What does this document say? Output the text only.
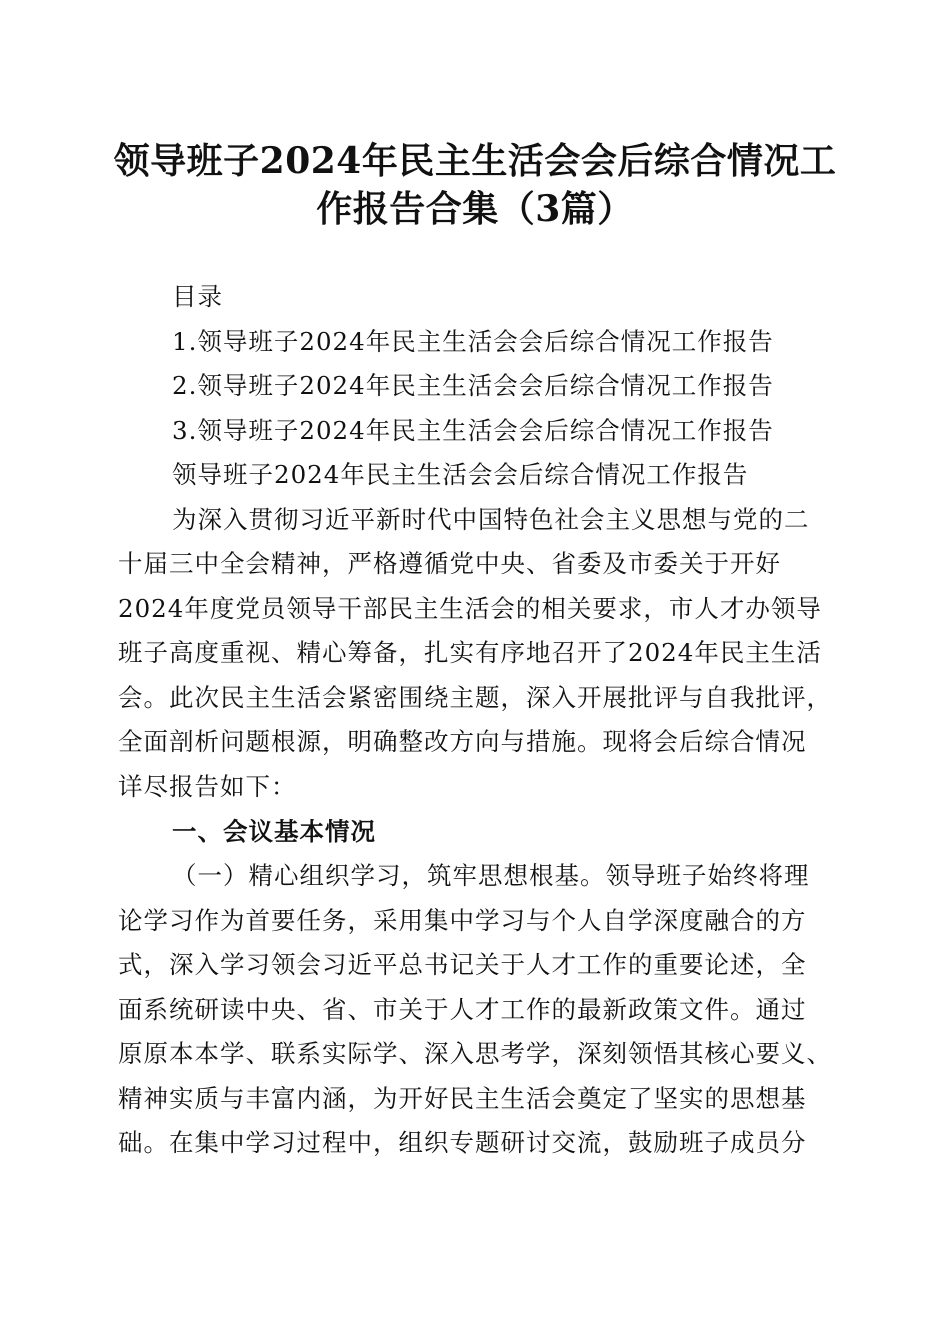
领导班子2024年民主生活会会后综合情况工
作报告合集（3篇）
目录
1.领导班子2024年民主生活会会后综合情况工作报告
2.领导班子2024年民主生活会会后综合情况工作报告
3.领导班子2024年民主生活会会后综合情况工作报告
领导班子2024年民主生活会会后综合情况工作报告
为深入贯彻习近平新时代中国特色社会主义思想与党的二
十届三中全会精神，严格遵循党中央、省委及市委关于开好
2024年度党员领导干部民主生活会的相关要求，市人才办领导
班子高度重视、精心筹备，扎实有序地召开了2024年民主生活
会。此次民主生活会紧密围绕主题，深入开展批评与自我批评，
全面剖析问题根源，明确整改方向与措施。现将会后综合情况
详尽报告如下：
一、会议基本情况
（一）精心组织学习，筑牢思想根基。领导班子始终将理
论学习作为首要任务，采用集中学习与个人自学深度融合的方
式，深入学习领会习近平总书记关于人才工作的重要论述，全
面系统研读中央、省、市关于人才工作的最新政策文件。通过
原原本本学、联系实际学、深入思考学，深刻领悟其核心要义、
精神实质与丰富内涵，为开好民主生活会奠定了坚实的思想基
础。在集中学习过程中，组织专题研讨交流，鼓励班子成员分
